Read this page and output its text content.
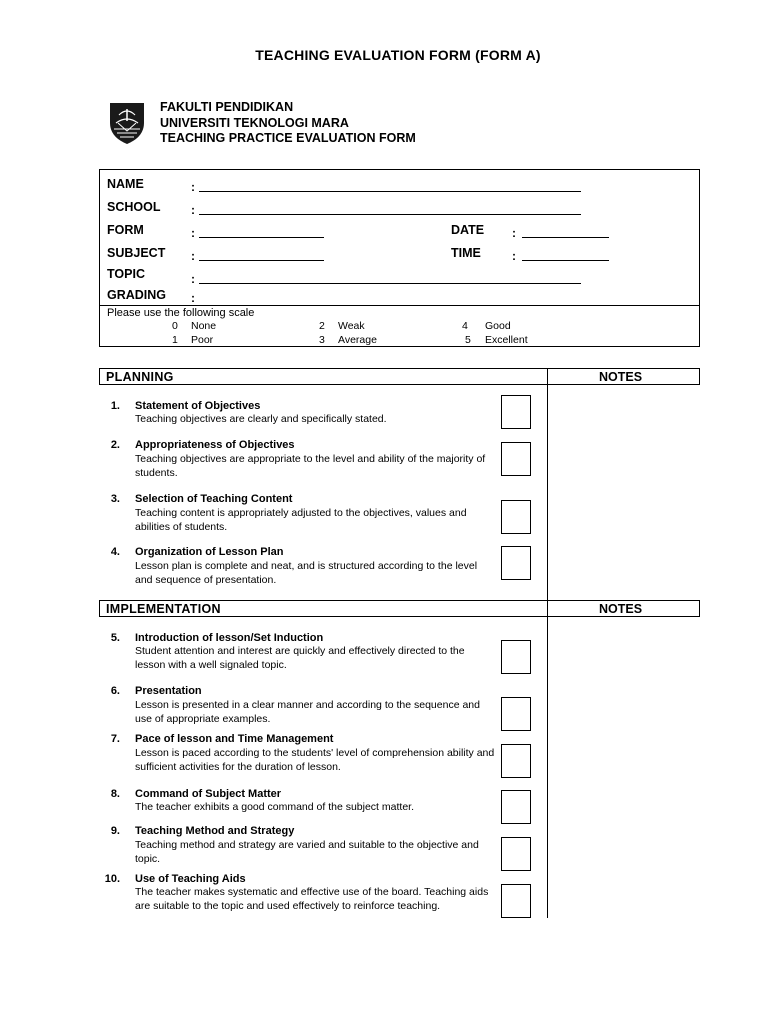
TEACHING EVALUATION FORM (FORM A)
FAKULTI PENDIDIKAN
UNIVERSITI TEKNOLOGI MARA
TEACHING PRACTICE EVALUATION FORM
NAME	:
SCHOOL	:
FORM	:	DATE :
SUBJECT :	TIME	:
TOPIC	:
GRADING :
Please use the following scale
0 None	2 Weak	4 Good
1 Poor	3 Average	5 Excellent
PLANNING	NOTES
1. Statement of Objectives
Teaching objectives are clearly and specifically stated.
2. Appropriateness of Objectives
Teaching objectives are appropriate to the level and ability of the majority of students.
3. Selection of Teaching Content
Teaching content is appropriately adjusted to the objectives, values and abilities of students.
4. Organization of Lesson Plan
Lesson plan is complete and neat, and is structured according to the level and sequence of presentation.
IMPLEMENTATION	NOTES
5. Introduction of lesson/Set Induction
Student attention and interest are quickly and effectively directed to the lesson with a well signaled topic.
6. Presentation
Lesson is presented in a clear manner and according to the sequence and use of appropriate examples.
7. Pace of lesson and Time Management
Lesson is paced according to the students' level of comprehension ability and sufficient activities for the duration of lesson.
8. Command of Subject Matter
The teacher exhibits a good command of the subject matter.
9. Teaching Method and Strategy
Teaching method and strategy are varied and suitable to the objective and topic.
10. Use of Teaching Aids
The teacher makes systematic and effective use of the board. Teaching aids are suitable to the topic and used effectively to reinforce teaching.
